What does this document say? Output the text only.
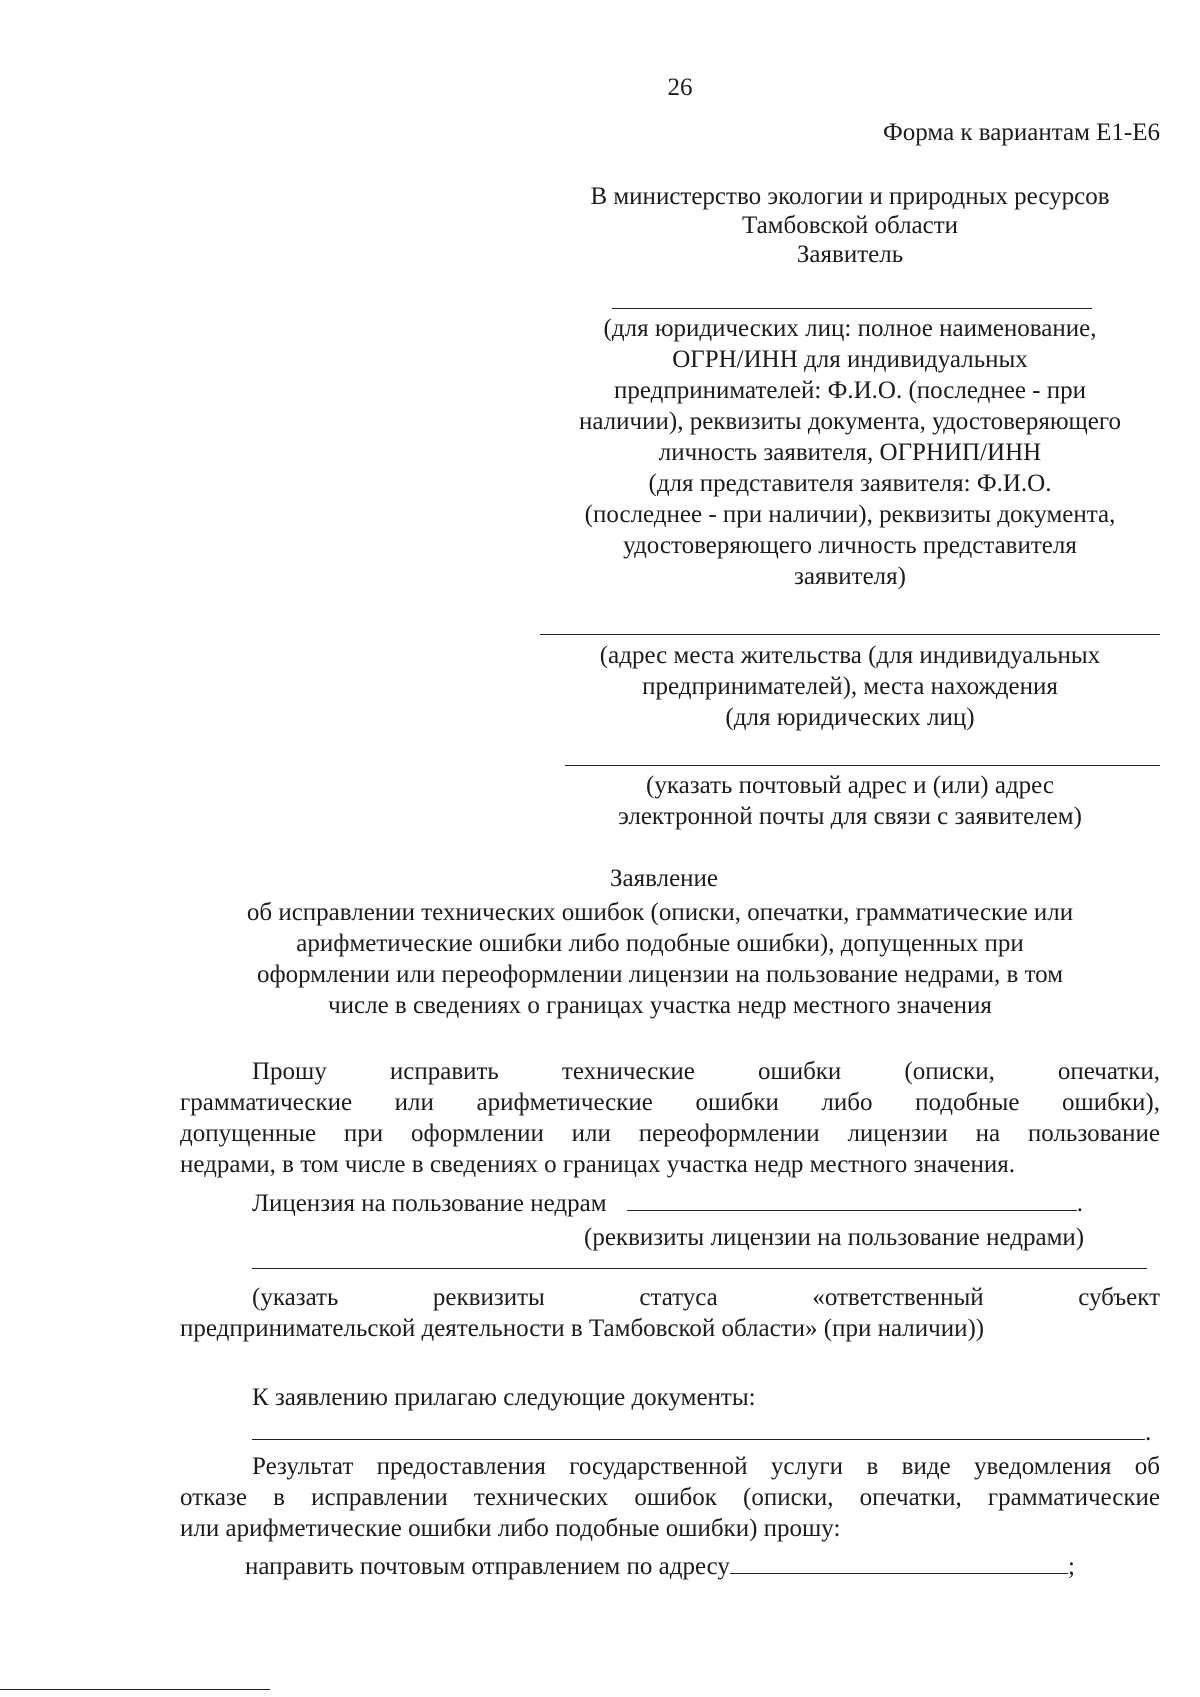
26
Форма к вариантам Е1-Е6
В министерство экологии и природных ресурсов
Тамбовской области
Заявитель
(для юридических лиц: полное наименование,
ОГРН/ИНН для индивидуальных
предпринимателей: Ф.И.О. (последнее - при
наличии), реквизиты документа, удостоверяющего
личность заявителя, ОГРНИП/ИНН
(для представителя заявителя: Ф.И.О.
(последнее - при наличии), реквизиты документа,
удостоверяющего личность представителя
заявителя)
(адрес места жительства (для индивидуальных
предпринимателей), места нахождения
(для юридических лиц)
(указать почтовый адрес и (или) адрес
электронной почты для связи с заявителем)
Заявление
об исправлении технических ошибок (описки, опечатки, грамматические или
арифметические ошибки либо подобные ошибки), допущенных при
оформлении или переоформлении лицензии на пользование недрами, в том
числе в сведениях о границах участка недр местного значения
Прошу исправить технические ошибки (описки, опечатки,
грамматические или арифметические ошибки либо подобные ошибки),
допущенные при оформлении или переоформлении лицензии на пользование
недрами, в том числе в сведениях о границах участка недр местного значения.
Лицензия на пользование недрам	.
(реквизиты лицензии на пользование недрами)
(указать реквизиты статуса «ответственный субъект
предпринимательской деятельности в Тамбовской области» (при наличии))
К заявлению прилагаю следующие документы:
.
Результат предоставления государственной услуги в виде уведомления об
отказе в исправлении технических ошибок (описки, опечатки, грамматические
или арифметические ошибки либо подобные ошибки) прошу:
направить почтовым отправлением по адресу	;
